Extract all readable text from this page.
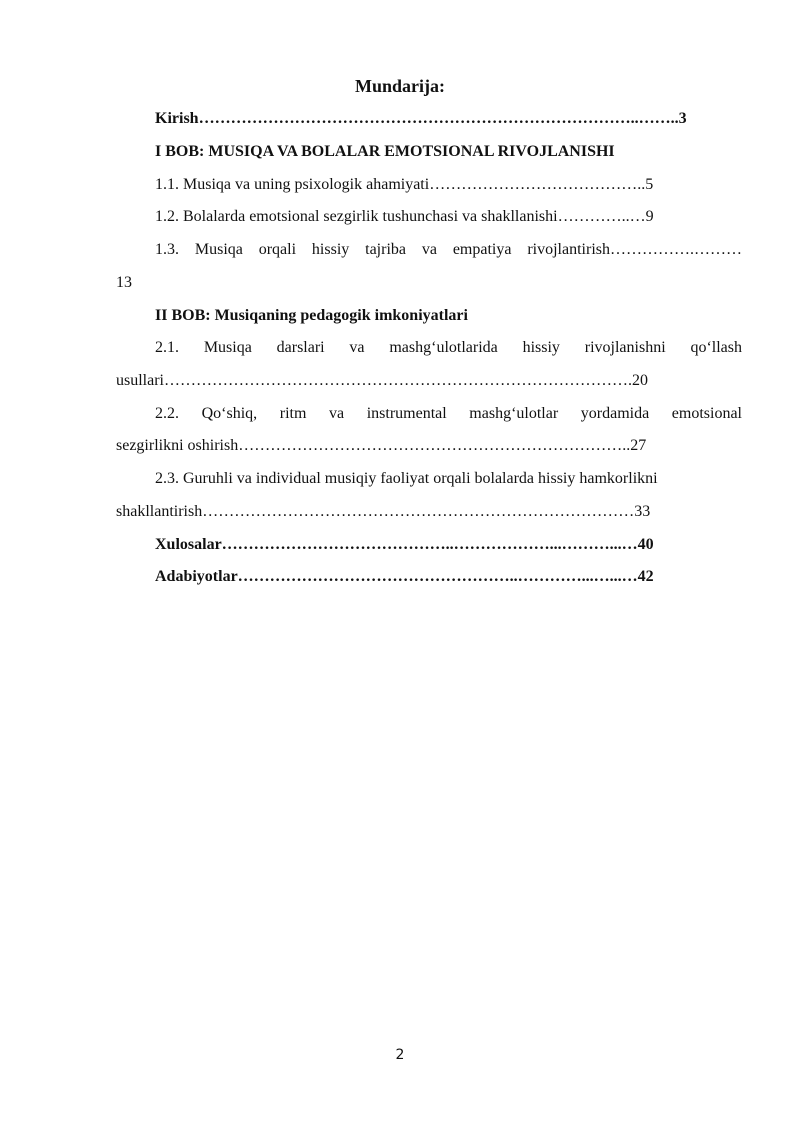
Mundarija:
Kirish………………………………………………………………………..……..3
I BOB: MUSIQA VA BOLALAR EMOTSIONAL RIVOJLANISHI
1.1. Musiqa va uning psixologik ahamiyati…………………………………..5
1.2. Bolalarda emotsional sezgirlik tushunchasi va shakllanishi…………..…9
1.3. Musiqa orqali hissiy tajriba va empatiya rivojlantirish…………….………
13
II BOB: Musiqaning pedagogik imkoniyatlari
2.1. Musiqa darslari va mashg‘ulotlarida hissiy rivojlanishni qo‘llash
usullari…………………………………………………………………………….20
2.2. Qo‘shiq, ritm va instrumental mashg‘ulotlar yordamida emotsional
sezgirlikni oshirish………………………………………………………………..27
2.3. Guruhli va individual musiqiy faoliyat orqali bolalarda hissiy hamkorlikni
shakllantirish………………………………………………………………………33
Xulosalar……………………………………..………………...………...…40
Adabiyotlar……………………………………………..…………...…...…42
2
